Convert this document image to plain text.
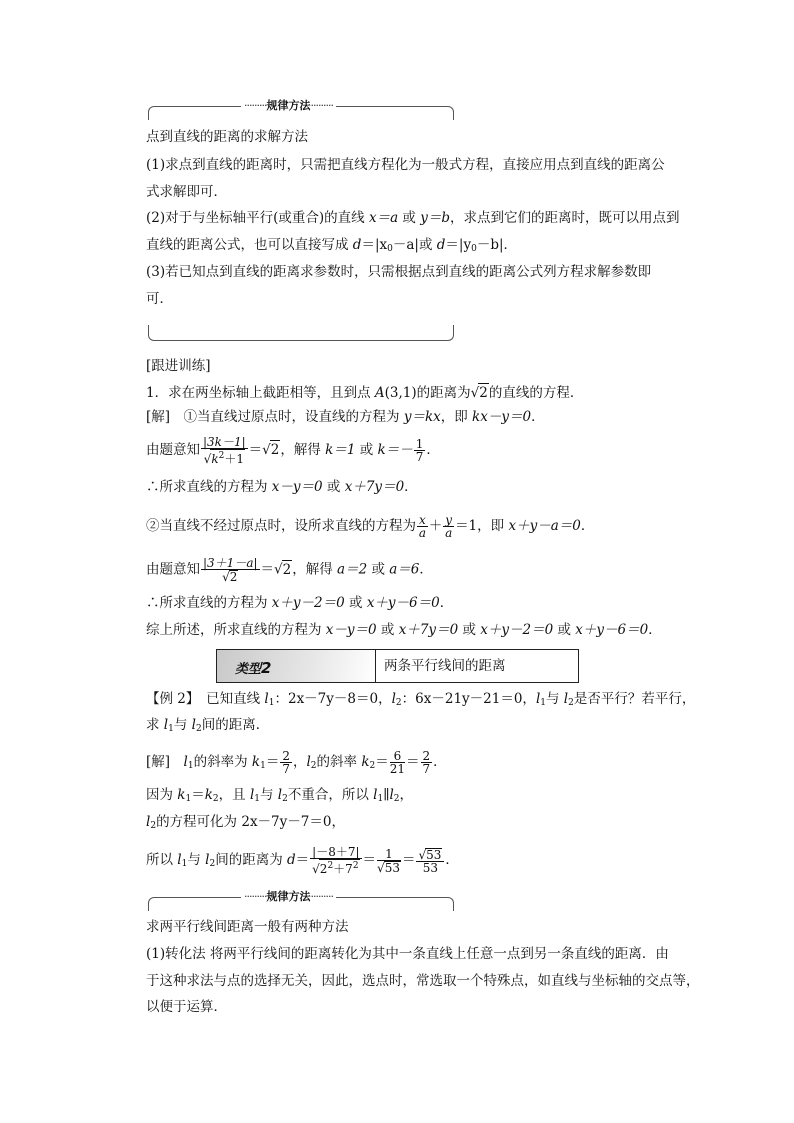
·········规律方法·········
点到直线的距离的求解方法
(1)求点到直线的距离时，只需把直线方程化为一般式方程，直接应用点到直线的距离公
式求解即可．
(2)对于与坐标轴平行(或重合)的直线 x＝a 或 y＝b，求点到它们的距离时，既可以用点到
直线的距离公式，也可以直接写成 $d=|x_0-a|$或 $d=|y_0-b|$．
(3)若已知点到直线的距离求参数时，只需根据点到直线的距离公式列方程求解参数即
可．
[跟进训练]
1．求在两坐标轴上截距相等，且到点 A(3,1)的距离为√2的直线的方程．
[解]　①当直线过原点时，设直线的方程为 y＝kx，即 kx－y＝0．
由题意知 $\frac{|3k-1|}{√k^2+1} =√2$，解得 k＝1 或 $k=- \frac{1}{7}$ ．
∴所求直线的方程为 x－y＝0 或 x＋7y＝0．
②当直线不经过原点时，设所求直线的方程为 $\frac{x}{a} + \frac{y}{a} =1$，即 x＋y－a＝0．
由题意知 $\frac{|3+1-a|}{√2} =√2$，解得 a＝2 或 a＝6．
∴所求直线的方程为 x＋y－2＝0 或 x＋y－6＝0．
综上所述，所求直线的方程为 x－y＝0 或 x＋7y＝0 或 x＋y－2＝0 或 x＋y－6＝0．
类型2	两条平行线间的距离
【例 2】　已知直线 $l_1$：2x－7y－8＝0，$l_2$：6x－21y－21＝0，$l_1$与 $l_2$是否平行？若平行，
求 $l_1$与 $l_2$间的距离．
[解]　$l_1$的斜率为 $k_1= \frac{2}{7}$ ，$l_2$的斜率 $k_2= \frac{6}{21} = \frac{2}{7}$ ．
因为 $k_1=k_2$，且 $l_1$与 $l_2$不重合，所以 $l_1\parallel l_2$，
$l_2$的方程可化为 2x－7y－7＝0，
所以 $l_1$与 $l_2$间的距离为 $d= \frac{|-8+7|}{√2^2+7^2} = \frac{1}{√53} = \frac{√53}{53}$ ．
·········规律方法·········
求两平行线间距离一般有两种方法
(1)转化法 将两平行线间的距离转化为其中一条直线上任意一点到另一条直线的距离．由
于这种求法与点的选择无关，因此，选点时，常选取一个特殊点，如直线与坐标轴的交点等，
以便于运算．
